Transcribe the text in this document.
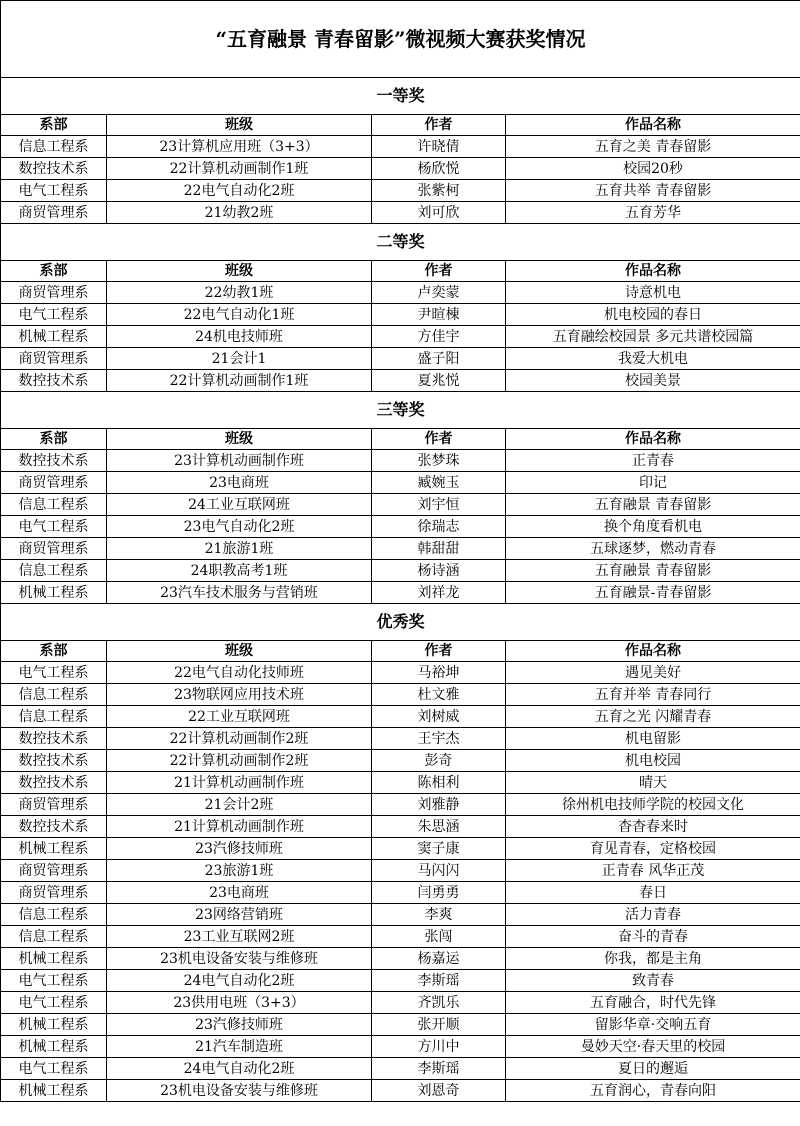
“五育融景 青春留影”微视频大赛获奖情况			
一等奖			
系部	班级	作者	作品名称
信息工程系	23计算机应用班（3+3）	许晓倩	五育之美 青春留影
数控技术系	22计算机动画制作1班	杨欣悦	校园20秒
电气工程系	22电气自动化2班	张紫柯	五育共举 青春留影
商贸管理系	21幼教2班	刘可欣	五育芳华
二等奖			
系部	班级	作者	作品名称
商贸管理系	22幼教1班	卢奕蒙	诗意机电
电气工程系	22电气自动化1班	尹暄棟	机电校园的春日
机械工程系	24机电技师班	方佳宇	五育融绘校园景 多元共谱校园篇
商贸管理系	21会计1	盛子阳	我爱大机电
数控技术系	22计算机动画制作1班	夏兆悦	校园美景
三等奖			
系部	班级	作者	作品名称
数控技术系	23计算机动画制作班	张梦珠	正青春
商贸管理系	23电商班	臧婉玉	印记
信息工程系	24工业互联网班	刘宇恒	五育融景 青春留影
电气工程系	23电气自动化2班	徐瑞志	换个角度看机电
商贸管理系	21旅游1班	韩甜甜	五球逐梦，燃动青春
信息工程系	24职教高考1班	杨诗涵	五育融景 青春留影
机械工程系	23汽车技术服务与营销班	刘祥龙	五育融景-青春留影
优秀奖			
系部	班级	作者	作品名称
电气工程系	22电气自动化技师班	马裕坤	遇见美好
信息工程系	23物联网应用技术班	杜文雅	五育并举 青春同行
信息工程系	22工业互联网班	刘树威	五育之光 闪耀青春
数控技术系	22计算机动画制作2班	王宇杰	机电留影
数控技术系	22计算机动画制作2班	彭奇	机电校园
数控技术系	21计算机动画制作班	陈相利	晴天
商贸管理系	21会计2班	刘雅静	徐州机电技师学院的校园文化
数控技术系	21计算机动画制作班	朱思涵	杳杳春来时
机械工程系	23汽修技师班	窦子康	育见青春，定格校园
商贸管理系	23旅游1班	马闪闪	正青春 风华正茂
商贸管理系	23电商班	闫勇勇	春日
信息工程系	23网络营销班	李爽	活力青春
信息工程系	23工业互联网2班	张闯	奋斗的青春
机械工程系	23机电设备安装与维修班	杨嘉运	你我，都是主角
电气工程系	24电气自动化2班	李斯瑶	致青春
电气工程系	23供用电班（3+3）	齐凯乐	五育融合，时代先锋
机械工程系	23汽修技师班	张开顺	留影华章·交响五育
机械工程系	21汽车制造班	方川中	曼妙天空·春天里的校园
电气工程系	24电气自动化2班	李斯瑶	夏日的邂逅
机械工程系	23机电设备安装与维修班	刘恩奇	五育润心，青春向阳
